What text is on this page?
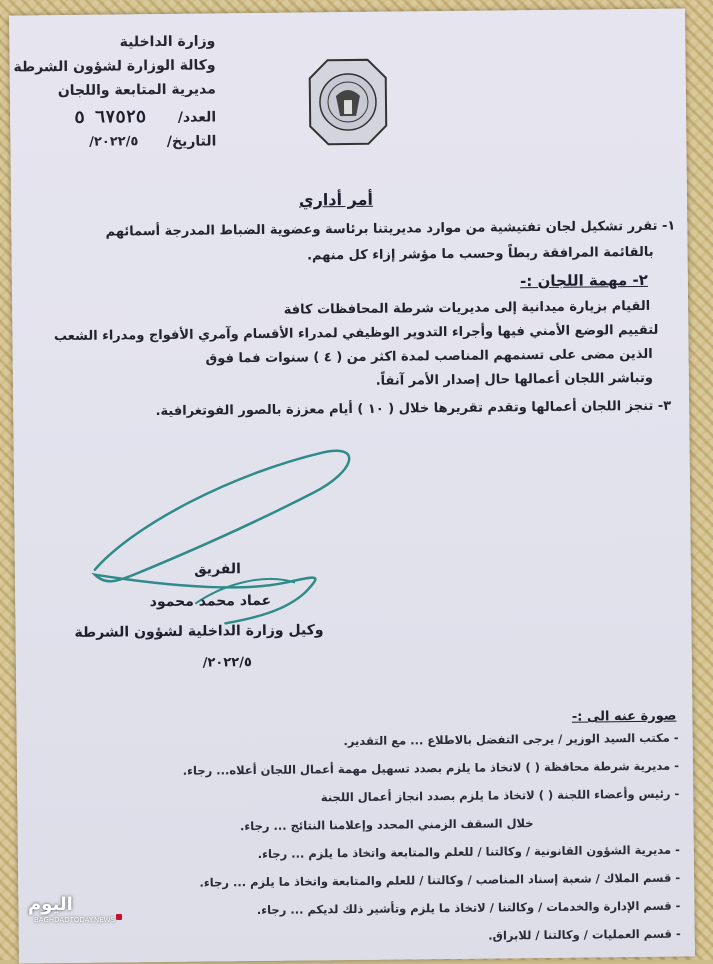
وزارة الداخلية
وكالة الوزارة لشؤون الشرطة
مديرية المتابعة واللجان
العدد/
٦٧٥٢٥ ٥
التاريخ/
٢٠٢٢/٥/
أمر أداري
١- تقرر تشكيل لجان تفتيشية من موارد مديريتنا برئاسة وعضوية الضباط المدرجة أسمائهم
بالقائمة المرافقة ربطاً وحسب ما مؤشر إزاء كل منهم.
٢- مهمة اللجان :-
القيام بزيارة ميدانية إلى مديريات شرطة المحافظات كافة
لتقييم الوضع الأمني فيها وأجراء التدوير الوظيفي لمدراء الأقسام وآمري الأفواج ومدراء الشعب
الذين مضى على تسنمهم المناصب لمدة اكثر من ( ٤ ) سنوات فما فوق
وتباشر اللجان أعمالها حال إصدار الأمر آنفاً.
٣- تنجز اللجان أعمالها وتقدم تقريرها خلال ( ١٠ ) أيام معززة بالصور الفوتغرافية.
الفريق
عماد محمد محمود
وكيل وزارة الداخلية لشؤون الشرطة
٢٠٢٢/٥/
صورة عنه الى :-
- مكتب السيد الوزير / يرجى التفضل بالاطلاع ... مع التقدير.
- مديرية شرطة محافظة ( ) لاتخاذ ما يلزم بصدد تسهيل مهمة أعمال اللجان أعلاه... رجاء.
- رئيس وأعضاء اللجنة ( ) لاتخاذ ما يلزم بصدد انجاز أعمال اللجنة
خلال السقف الزمني المحدد وإعلامنا النتائج ... رجاء.
- مديرية الشؤون القانونية / وكالتنا / للعلم والمتابعة واتخاذ ما يلزم ... رجاء.
- قسم الملاك / شعبة إسناد المناصب / وكالتنا / للعلم والمتابعة واتخاذ ما يلزم ... رجاء.
- قسم الإدارة والخدمات / وكالتنا / لاتخاذ ما يلزم وتأشير ذلك لديكم ... رجاء.
- قسم العمليات / وكالتنا / للابراق.
اليوم
BAGHDADTODAY.NEWS
